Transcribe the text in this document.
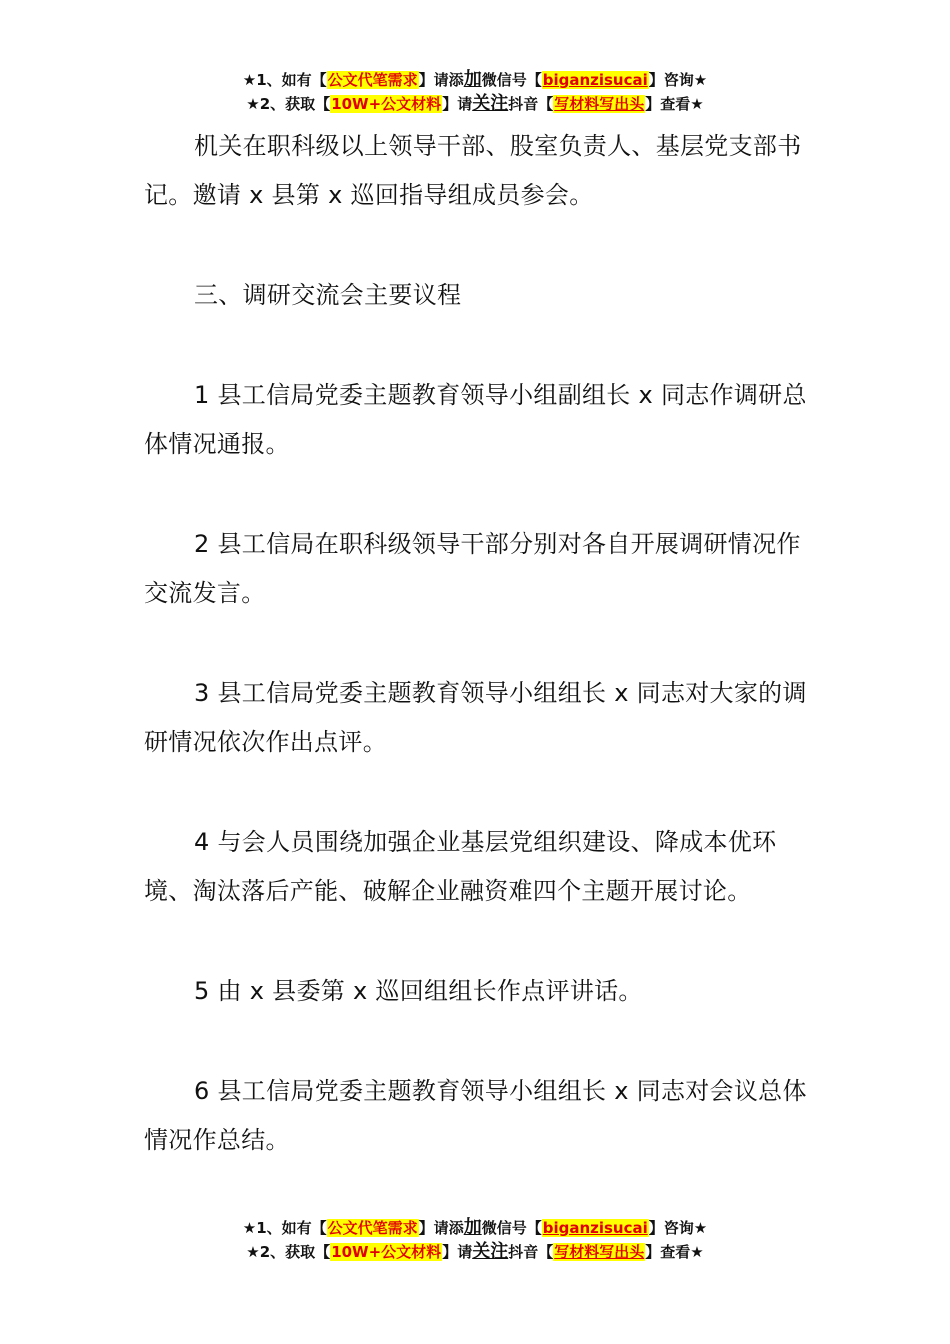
★1、如有【公文代笔需求】请添加微信号【biganzisucai】咨询★
★2、获取【10W+公文材料】请关注抖音【写材料写出头】查看★

机关在职科级以上领导干部、股室负责人、基层党支部书记。邀请 x 县第 x 巡回指导组成员参会。

三、调研交流会主要议程

1 县工信局党委主题教育领导小组副组长 x 同志作调研总体情况通报。

2 县工信局在职科级领导干部分别对各自开展调研情况作交流发言。

3 县工信局党委主题教育领导小组组长 x 同志对大家的调研情况依次作出点评。

4 与会人员围绕加强企业基层党组织建设、降成本优环境、淘汰落后产能、破解企业融资难四个主题开展讨论。

5 由 x 县委第 x 巡回组组长作点评讲话。

6 县工信局党委主题教育领导小组组长 x 同志对会议总体情况作总结。

★1、如有【公文代笔需求】请添加微信号【biganzisucai】咨询★
★2、获取【10W+公文材料】请关注抖音【写材料写出头】查看★
